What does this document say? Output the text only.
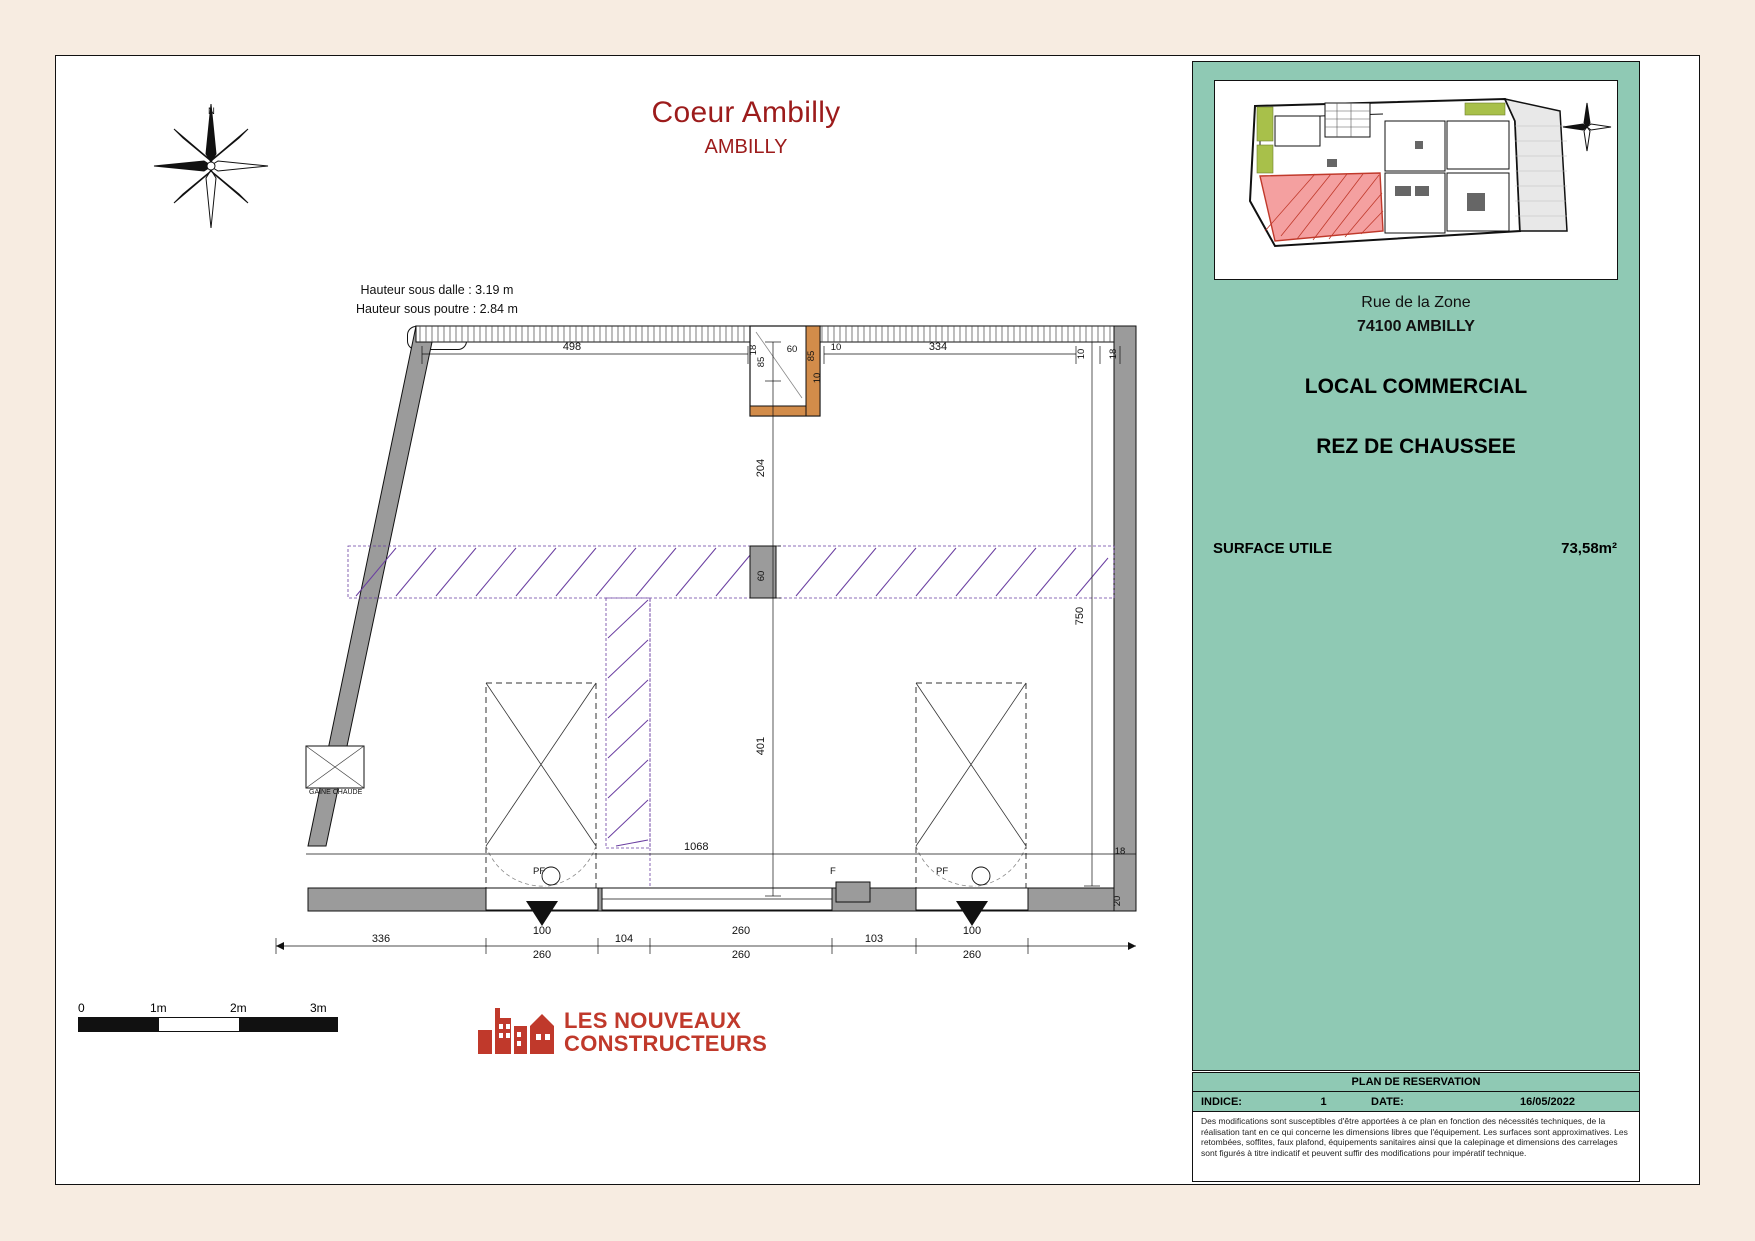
N	Coeur Ambilly
AMBILLY
Hauteur sous dalle : 3.19 m
Hauteur sous poutre : 2.84 m
GAINE CHAUDE
PF	PF
F
498	334
18	60
85
10
10
10 18
85
204
60
401
750
18
20
1068
336
100
260
104
260
260
103
100
260
Rue de la Zone
74100 AMBILLY
LOCAL COMMERCIAL
REZ DE CHAUSSEE
SURFACE UTILE	73,58m²
PLAN DE RESERVATION
INDICE:	1	DATE:	16/05/2022
Des modifications sont susceptibles d'être apportées à ce plan en fonction des nécessités techniques, de la réalisation tant en ce qui concerne les dimensions libres que l'équipement. Les surfaces sont approximatives. Les retombées, soffites, faux plafond, équipements sanitaires ainsi que la calepinage et dimensions des carrelages sont figurés à titre indicatif et peuvent suffir des modifications pour impératif technique.
0	1m	2m	3m
LES NOUVEAUX
CONSTRUCTEURS
